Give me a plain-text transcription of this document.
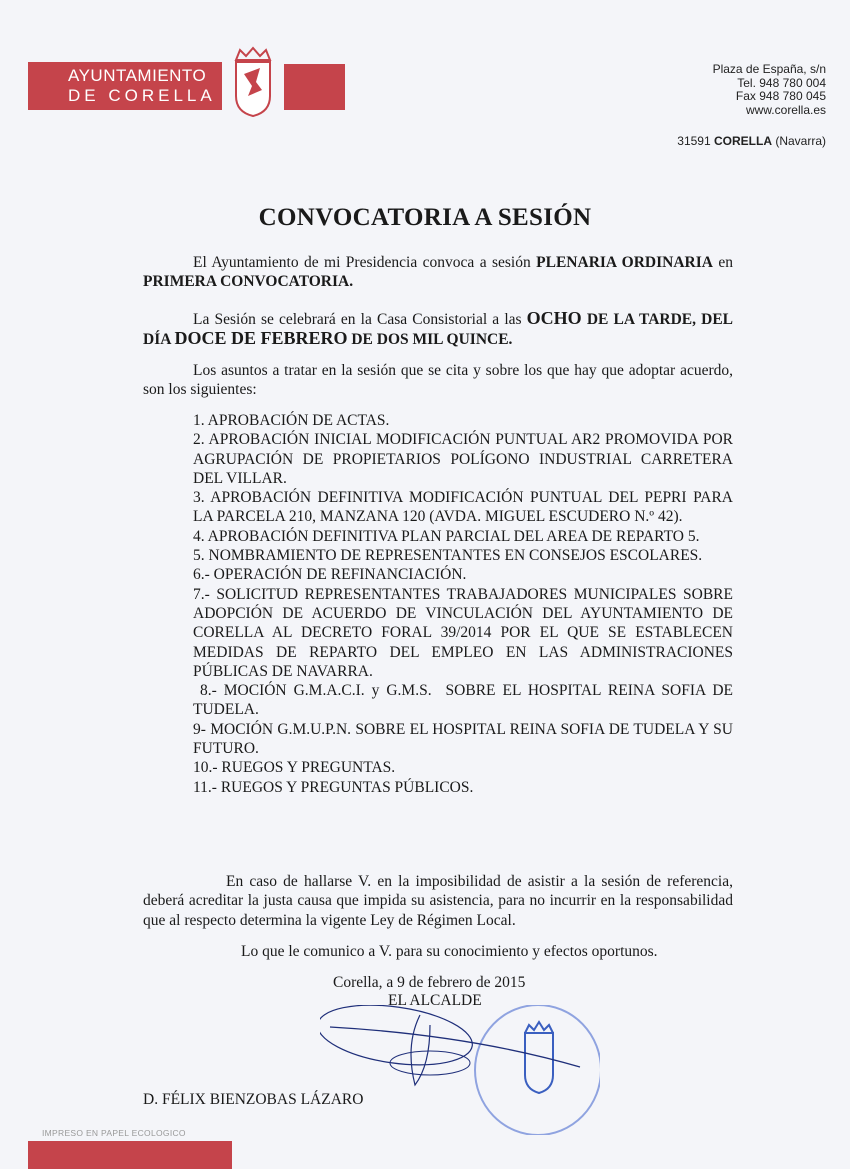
AYUNTAMIENTO
DE CORELLA
Plaza de España, s/n
Tel. 948 780 004
Fax 948 780 045
www.corella.es
31591 CORELLA (Navarra)
CONVOCATORIA A SESIÓN
El Ayuntamiento de mi Presidencia convoca a sesión PLENARIA ORDINARIA en PRIMERA CONVOCATORIA.
La Sesión se celebrará en la Casa Consistorial a las OCHO DE LA TARDE, DEL DÍA DOCE DE FEBRERO DE DOS MIL QUINCE.
Los asuntos a tratar en la sesión que se cita y sobre los que hay que adoptar acuerdo, son los siguientes:
1. APROBACIÓN DE ACTAS.
2. APROBACIÓN INICIAL MODIFICACIÓN PUNTUAL AR2 PROMOVIDA POR AGRUPACIÓN DE PROPIETARIOS POLÍGONO INDUSTRIAL CARRETERA DEL VILLAR.
3. APROBACIÓN DEFINITIVA MODIFICACIÓN PUNTUAL DEL PEPRI PARA LA PARCELA 210, MANZANA 120 (AVDA. MIGUEL ESCUDERO N.º 42).
4. APROBACIÓN DEFINITIVA PLAN PARCIAL DEL AREA DE REPARTO 5.
5. NOMBRAMIENTO DE REPRESENTANTES EN CONSEJOS ESCOLARES.
6.- OPERACIÓN DE REFINANCIACIÓN.
7.- SOLICITUD REPRESENTANTES TRABAJADORES MUNICIPALES SOBRE ADOPCIÓN DE ACUERDO DE VINCULACIÓN DEL AYUNTAMIENTO DE CORELLA AL DECRETO FORAL 39/2014 POR EL QUE SE ESTABLECEN MEDIDAS DE REPARTO DEL EMPLEO EN LAS ADMINISTRACIONES PÚBLICAS DE NAVARRA.
8.- MOCIÓN G.M.A.C.I. y G.M.S.  SOBRE EL HOSPITAL REINA SOFIA DE TUDELA.
9- MOCIÓN G.M.U.P.N. SOBRE EL HOSPITAL REINA SOFIA DE TUDELA Y SU FUTURO.
10.- RUEGOS Y PREGUNTAS.
11.- RUEGOS Y PREGUNTAS PÚBLICOS.
En caso de hallarse V. en la imposibilidad de asistir a la sesión de referencia, deberá acreditar la justa causa que impida su asistencia, para no incurrir en la responsabilidad que al respecto determina la vigente Ley de Régimen Local.
Lo que le comunico a V. para su conocimiento y efectos oportunos.
Corella, a 9 de febrero de 2015
EL ALCALDE
D. FÉLIX BIENZOBAS LÁZARO
IMPRESO EN PAPEL ECOLOGICO
